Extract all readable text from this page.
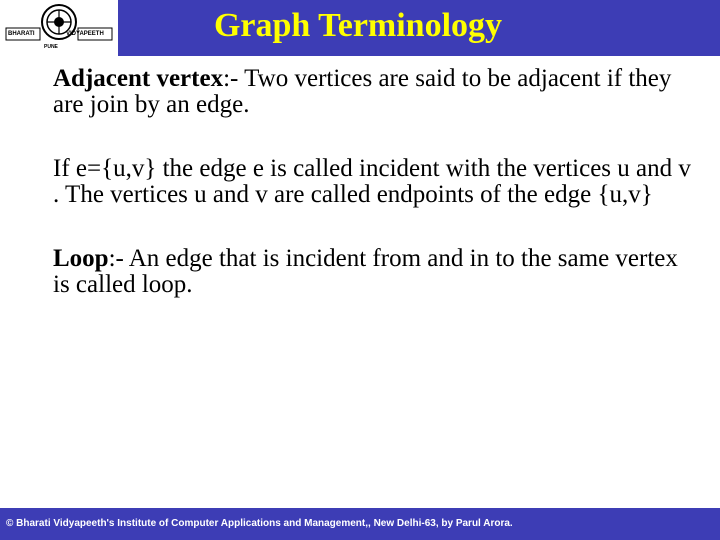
BHARATI	VIDYAPEETH
PUNE
Graph Terminology

Adjacent vertex:- Two vertices are said to be adjacent if they are join by an edge.

If e={u,v} the edge e is called incident with the vertices u and v . The vertices u and v are called endpoints of the edge {u,v}

Loop:- An edge that is incident from and in to the same vertex is called loop.

© Bharati Vidyapeeth's Institute of Computer Applications and Management,, New Delhi-63, by Parul Arora.
